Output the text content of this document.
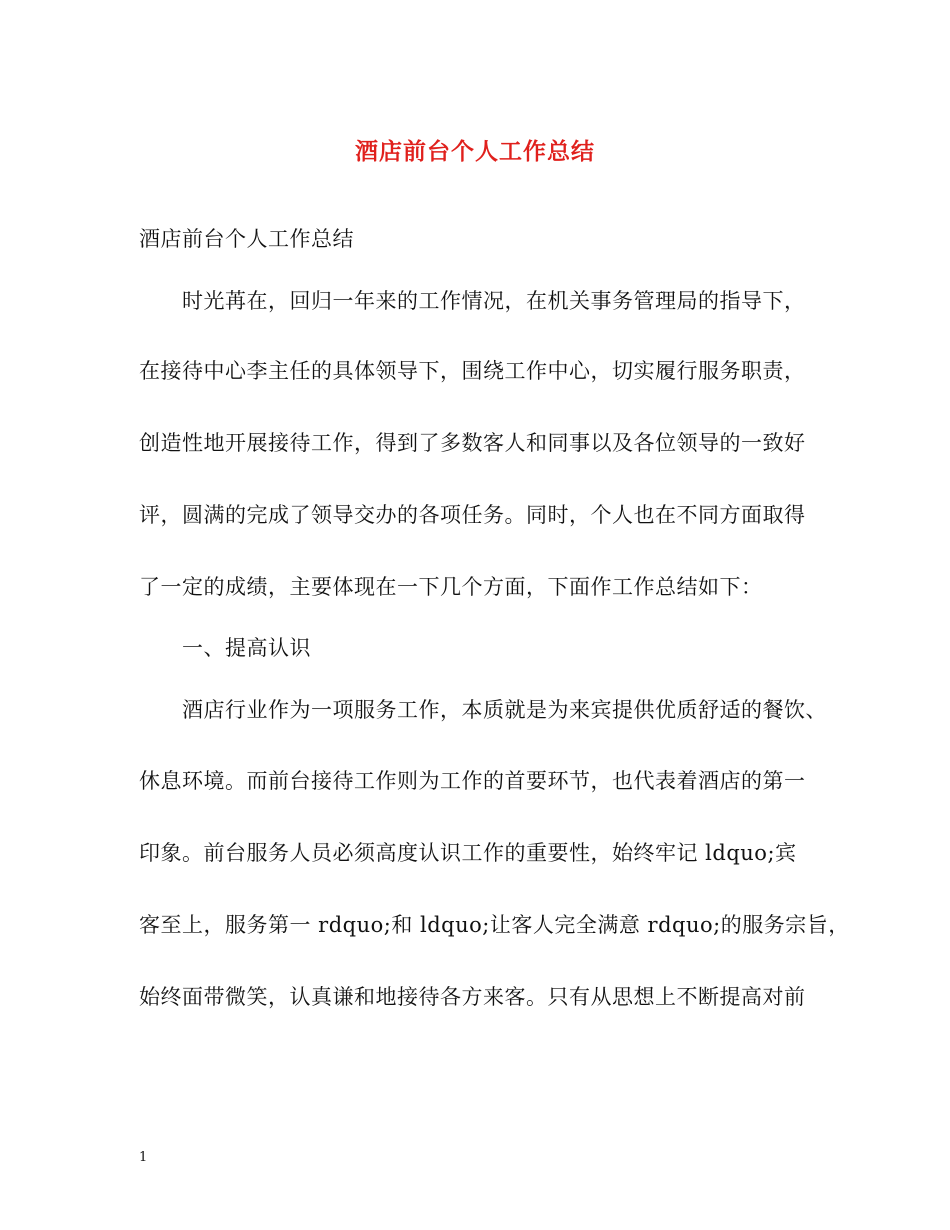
酒店前台个人工作总结
酒店前台个人工作总结
时光苒在，回归一年来的工作情况，在机关事务管理局的指导下，
在接待中心李主任的具体领导下，围绕工作中心，切实履行服务职责，
创造性地开展接待工作，得到了多数客人和同事以及各位领导的一致好
评，圆满的完成了领导交办的各项任务。同时，个人也在不同方面取得
了一定的成绩，主要体现在一下几个方面，下面作工作总结如下：
一、提高认识
酒店行业作为一项服务工作，本质就是为来宾提供优质舒适的餐饮、
休息环境。而前台接待工作则为工作的首要环节，也代表着酒店的第一
印象。前台服务人员必须高度认识工作的重要性，始终牢记 ldquo;宾
客至上，服务第一 rdquo;和 ldquo;让客人完全满意 rdquo;的服务宗旨，
始终面带微笑，认真谦和地接待各方来客。只有从思想上不断提高对前
1
